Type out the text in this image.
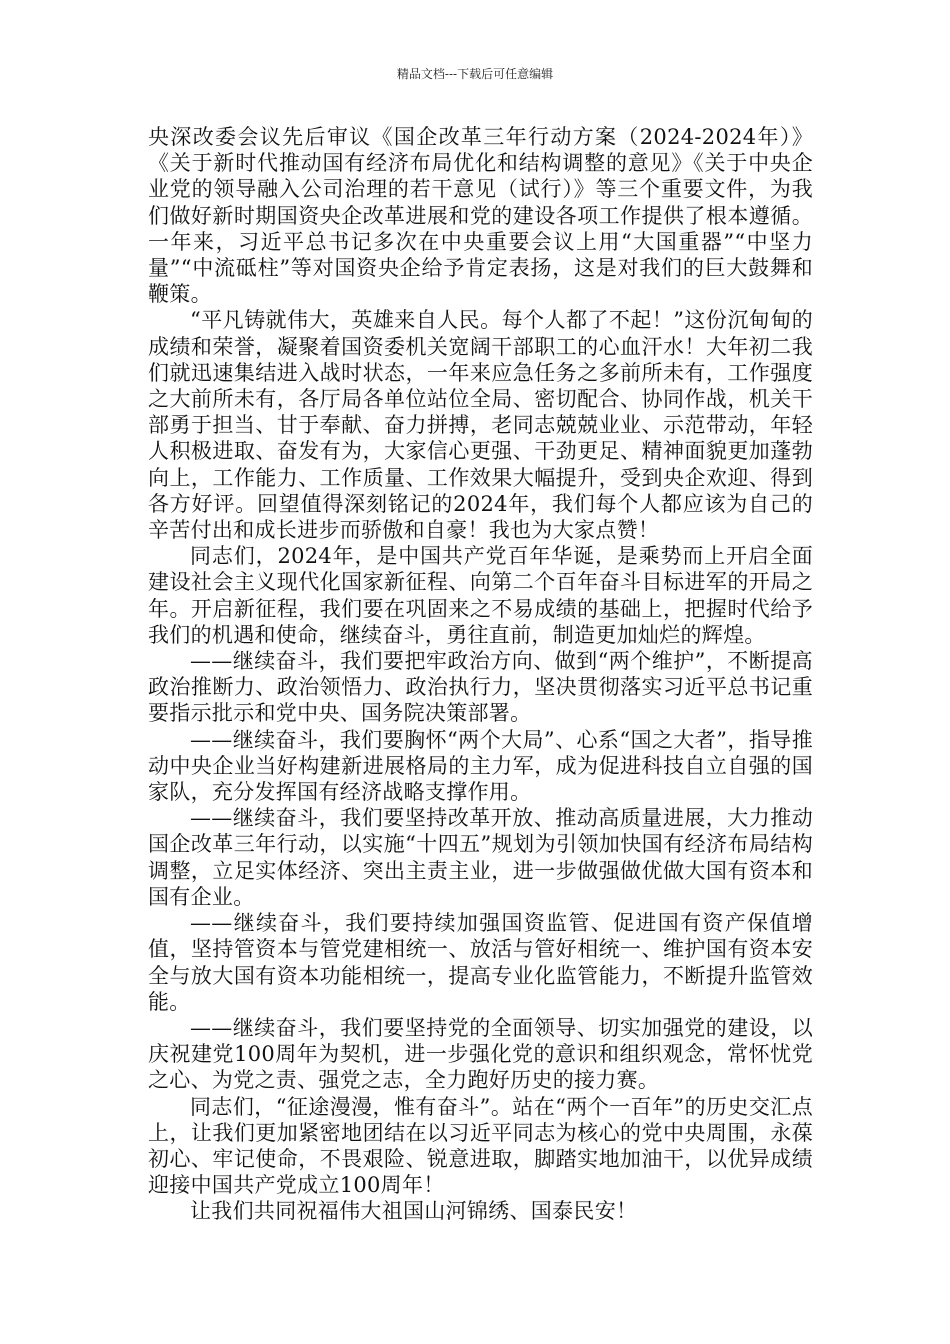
精品文档---下载后可任意编辑

央深改委会议先后审议《国企改革三年行动方案（2024-2024年）》《关于新时代推动国有经济布局优化和结构调整的意见》《关于中央企业党的领导融入公司治理的若干意见（试行）》等三个重要文件，为我们做好新时期国资央企改革进展和党的建设各项工作提供了根本遵循。一年来，习近平总书记多次在中央重要会议上用“大国重器”“中坚力量”“中流砥柱”等对国资央企给予肯定表扬，这是对我们的巨大鼓舞和鞭策。

“平凡铸就伟大，英雄来自人民。每个人都了不起！”这份沉甸甸的成绩和荣誉，凝聚着国资委机关宽阔干部职工的心血汗水！大年初二我们就迅速集结进入战时状态，一年来应急任务之多前所未有，工作强度之大前所未有，各厅局各单位站位全局、密切配合、协同作战，机关干部勇于担当、甘于奉献、奋力拼搏，老同志兢兢业业、示范带动，年轻人积极进取、奋发有为，大家信心更强、干劲更足、精神面貌更加蓬勃向上，工作能力、工作质量、工作效果大幅提升，受到央企欢迎、得到各方好评。回望值得深刻铭记的2024年，我们每个人都应该为自己的辛苦付出和成长进步而骄傲和自豪！我也为大家点赞！

同志们，2024年，是中国共产党百年华诞，是乘势而上开启全面建设社会主义现代化国家新征程、向第二个百年奋斗目标进军的开局之年。开启新征程，我们要在巩固来之不易成绩的基础上，把握时代给予我们的机遇和使命，继续奋斗，勇往直前，制造更加灿烂的辉煌。

——继续奋斗，我们要把牢政治方向、做到“两个维护”，不断提高政治推断力、政治领悟力、政治执行力，坚决贯彻落实习近平总书记重要指示批示和党中央、国务院决策部署。

——继续奋斗，我们要胸怀“两个大局”、心系“国之大者”，指导推动中央企业当好构建新进展格局的主力军，成为促进科技自立自强的国家队，充分发挥国有经济战略支撑作用。

——继续奋斗，我们要坚持改革开放、推动高质量进展，大力推动国企改革三年行动，以实施“十四五”规划为引领加快国有经济布局结构调整，立足实体经济、突出主责主业，进一步做强做优做大国有资本和国有企业。

——继续奋斗，我们要持续加强国资监管、促进国有资产保值增值，坚持管资本与管党建相统一、放活与管好相统一、维护国有资本安全与放大国有资本功能相统一，提高专业化监管能力，不断提升监管效能。

——继续奋斗，我们要坚持党的全面领导、切实加强党的建设，以庆祝建党100周年为契机，进一步强化党的意识和组织观念，常怀忧党之心、为党之责、强党之志，全力跑好历史的接力赛。

同志们，“征途漫漫，惟有奋斗”。站在“两个一百年”的历史交汇点上，让我们更加紧密地团结在以习近平同志为核心的党中央周围，永葆初心、牢记使命，不畏艰险、锐意进取，脚踏实地加油干，以优异成绩迎接中国共产党成立100周年！

让我们共同祝福伟大祖国山河锦绣、国泰民安！
